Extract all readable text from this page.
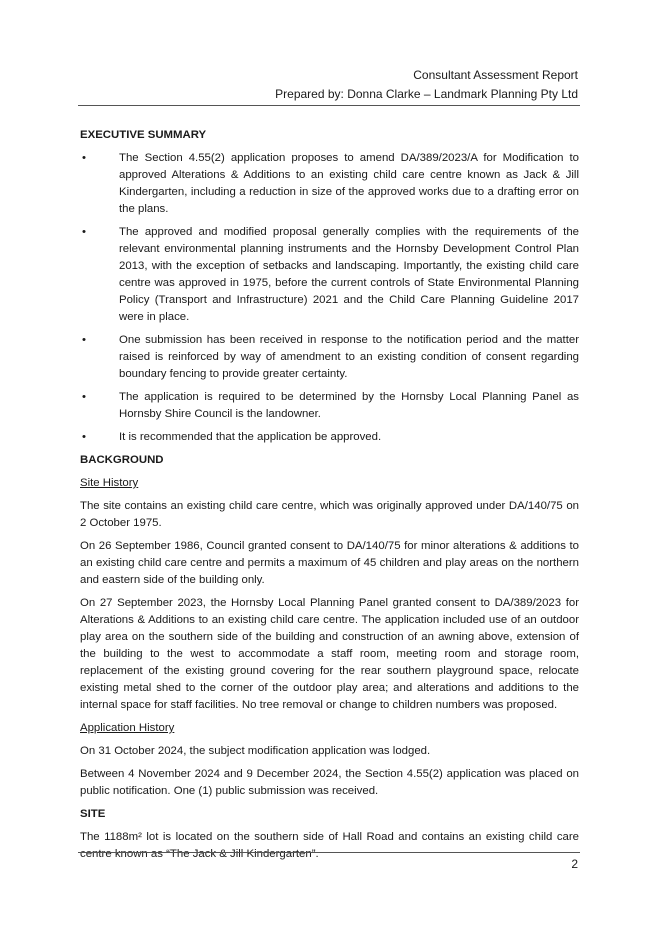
Consultant Assessment Report
Prepared by: Donna Clarke – Landmark Planning Pty Ltd
EXECUTIVE SUMMARY
•	The Section 4.55(2) application proposes to amend DA/389/2023/A for Modification to approved Alterations & Additions to an existing child care centre known as Jack & Jill Kindergarten, including a reduction in size of the approved works due to a drafting error on the plans.
•	The approved and modified proposal generally complies with the requirements of the relevant environmental planning instruments and the Hornsby Development Control Plan 2013, with the exception of setbacks and landscaping. Importantly, the existing child care centre was approved in 1975, before the current controls of State Environmental Planning Policy (Transport and Infrastructure) 2021 and the Child Care Planning Guideline 2017 were in place.
•	One submission has been received in response to the notification period and the matter raised is reinforced by way of amendment to an existing condition of consent regarding boundary fencing to provide greater certainty.
•	The application is required to be determined by the Hornsby Local Planning Panel as Hornsby Shire Council is the landowner.
•	It is recommended that the application be approved.
BACKGROUND
Site History

The site contains an existing child care centre, which was originally approved under DA/140/75 on 2 October 1975.

On 26 September 1986, Council granted consent to DA/140/75 for minor alterations & additions to an existing child care centre and permits a maximum of 45 children and play areas on the northern and eastern side of the building only.

On 27 September 2023, the Hornsby Local Planning Panel granted consent to DA/389/2023 for Alterations & Additions to an existing child care centre. The application included use of an outdoor play area on the southern side of the building and construction of an awning above, extension of the building to the west to accommodate a staff room, meeting room and storage room, replacement of the existing ground covering for the rear southern playground space, relocate existing metal shed to the corner of the outdoor play area; and alterations and additions to the internal space for staff facilities. No tree removal or change to children numbers was proposed.

Application History

On 31 October 2024, the subject modification application was lodged.

Between 4 November 2024 and 9 December 2024, the Section 4.55(2) application was placed on public notification. One (1) public submission was received.

SITE

The 1188m² lot is located on the southern side of Hall Road and contains an existing child care centre known as “The Jack & Jill Kindergarten”.

2
